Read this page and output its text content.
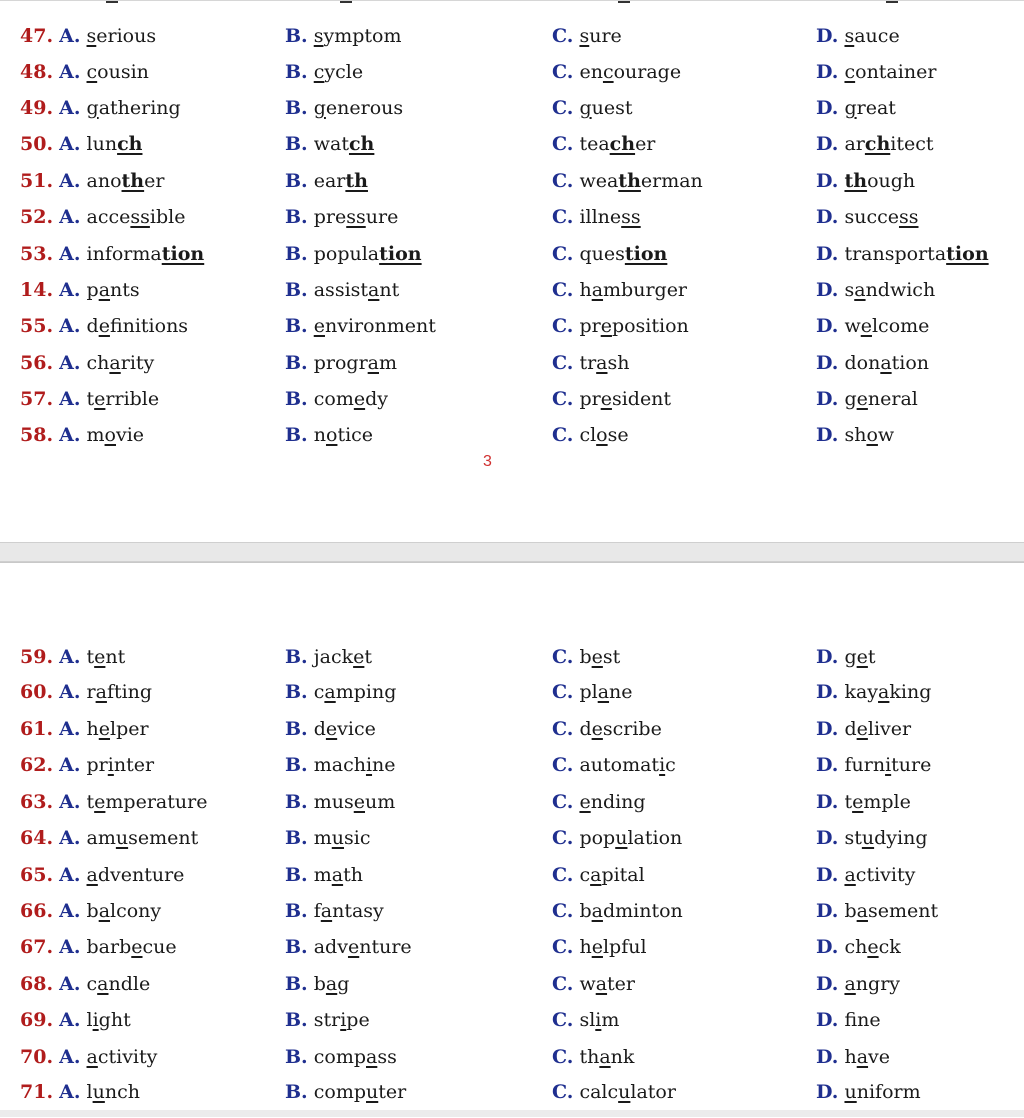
47. A. serious	B. symptom	C. sure	D. sauce
48. A. cousin	B. cycle	C. encourage	D. container
49. A. gathering	B. generous	C. guest	D. great
50. A. lunch	B. watch	C. teacher	D. architect
51. A. another	B. earth	C. weatherman	D. though
52. A. accessible	B. pressure	C. illness	D. success
53. A. information	B. population	C. question	D. transportation
14. A. pants	B. assistant	C. hamburger	D. sandwich
55. A. definitions	B. environment	C. preposition	D. welcome
56. A. charity	B. program	C. trash	D. donation
57. A. terrible	B. comedy	C. president	D. general
58. A. movie	B. notice	C. close	D. show
3
59. A. tent	B. jacket	C. best	D. get
60. A. rafting	B. camping	C. plane	D. kayaking
61. A. helper	B. device	C. describe	D. deliver
62. A. printer	B. machine	C. automatic	D. furniture
63. A. temperature	B. museum	C. ending	D. temple
64. A. amusement	B. music	C. population	D. studying
65. A. adventure	B. math	C. capital	D. activity
66. A. balcony	B. fantasy	C. badminton	D. basement
67. A. barbecue	B. adventure	C. helpful	D. check
68. A. candle	B. bag	C. water	D. angry
69. A. light	B. stripe	C. slim	D. fne
70. A. activity	B. compass	C. thank	D. have
71. A. lunch	B. computer	C. calculator	D. uniform
